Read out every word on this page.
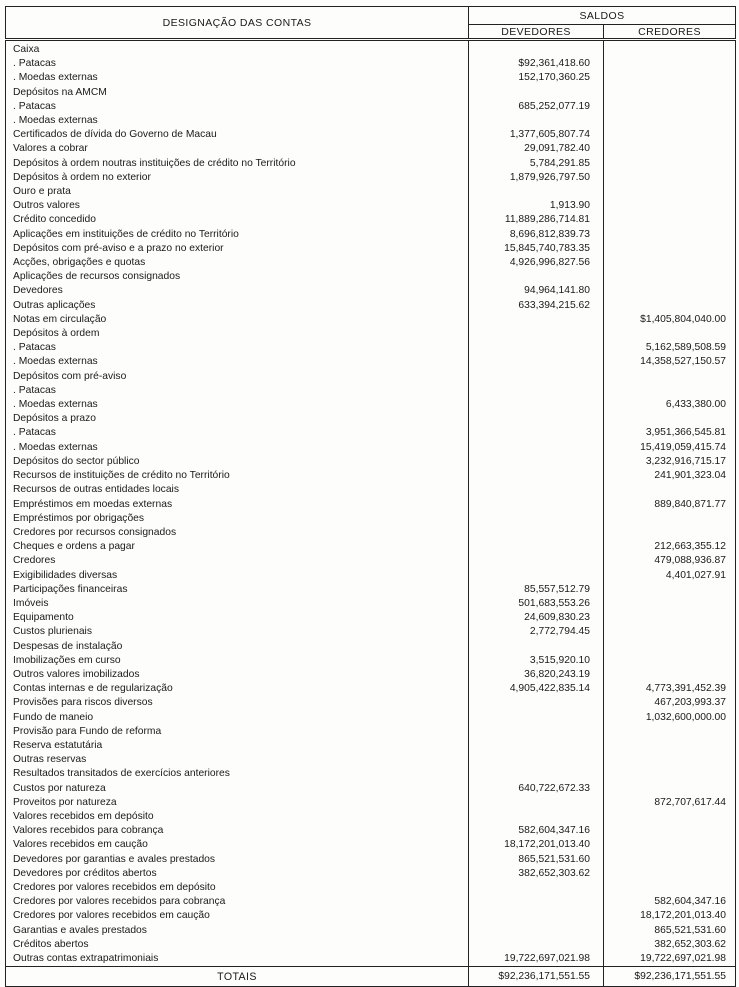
DESIGNAÇÃO DAS CONTAS	SALDOS	
	DEVEDORES	CREDORES
Caixa		
. Patacas	$92,361,418.60	
. Moedas externas	152,170,360.25	
Depósitos na AMCM		
. Patacas	685,252,077.19	
. Moedas externas		
Certificados de dívida do Governo de Macau	1,377,605,807.74	
Valores a cobrar	29,091,782.40	
Depósitos à ordem noutras instituições de crédito no Território	5,784,291.85	
Depósitos à ordem no exterior	1,879,926,797.50	
Ouro e prata		
Outros valores	1,913.90	
Crédito concedido	11,889,286,714.81	
Aplicações em instituições de crédito no Território	8,696,812,839.73	
Depósitos com pré-aviso e a prazo no exterior	15,845,740,783.35	
Acções, obrigações e quotas	4,926,996,827.56	
Aplicações de recursos consignados		
Devedores	94,964,141.80	
Outras aplicações	633,394,215.62	
Notas em circulação		$1,405,804,040.00
Depósitos à ordem		
. Patacas		5,162,589,508.59
. Moedas externas		14,358,527,150.57
Depósitos com pré-aviso		
. Patacas		
. Moedas externas		6,433,380.00
Depósitos a prazo		
. Patacas		3,951,366,545.81
. Moedas externas		15,419,059,415.74
Depósitos do sector público		3,232,916,715.17
Recursos de instituições de crédito no Território		241,901,323.04
Recursos de outras entidades locais		
Empréstimos em moedas externas		889,840,871.77
Empréstimos por obrigações		
Credores por recursos consignados		
Cheques e ordens a pagar		212,663,355.12
Credores		479,088,936.87
Exigibilidades diversas		4,401,027.91
Participações financeiras	85,557,512.79	
Imóveis	501,683,553.26	
Equipamento	24,609,830.23	
Custos plurienais	2,772,794.45	
Despesas de instalação		
Imobilizações em curso	3,515,920.10	
Outros valores imobilizados	36,820,243.19	
Contas internas e de regularização	4,905,422,835.14	4,773,391,452.39
Provisões para riscos diversos		467,203,993.37
Fundo de maneio		1,032,600,000.00
Provisão para Fundo de reforma		
Reserva estatutária		
Outras reservas		
Resultados transitados de exercícios anteriores		
Custos por natureza	640,722,672.33	
Proveitos por natureza		872,707,617.44
Valores recebidos em depósito		
Valores recebidos para cobrança	582,604,347.16	
Valores recebidos em caução	18,172,201,013.40	
Devedores por garantias e avales prestados	865,521,531.60	
Devedores por créditos abertos	382,652,303.62	
Credores por valores recebidos em depósito		
Credores por valores recebidos para cobrança		582,604,347.16
Credores por valores recebidos em caução		18,172,201,013.40
Garantias e avales prestados		865,521,531.60
Créditos abertos		382,652,303.62
Outras contas extrapatrimoniais	19,722,697,021.98	19,722,697,021.98
TOTAIS	$92,236,171,551.55	$92,236,171,551.55
